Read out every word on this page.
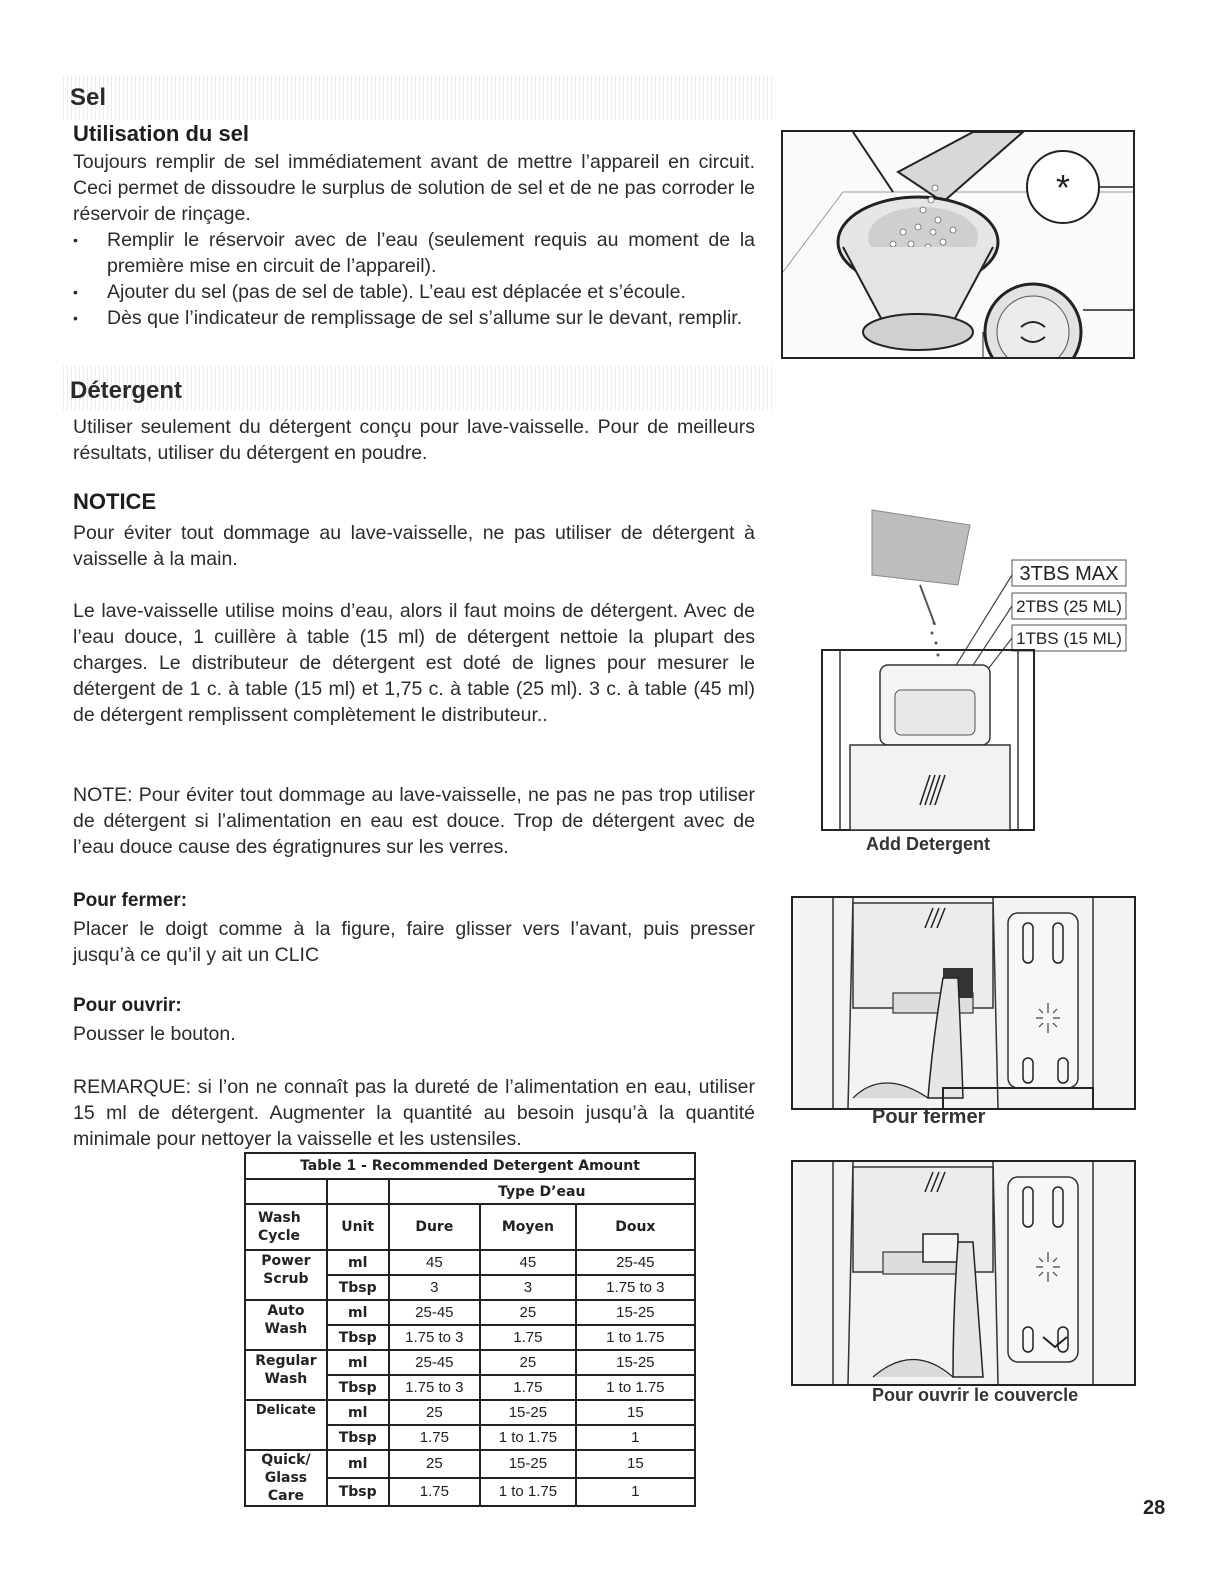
Sel
Utilisation du sel

Toujours remplir de sel immédiatement avant de mettre l’appareil en circuit. Ceci permet de dissoudre le surplus de solution de sel et de ne pas corroder le réservoir de rinçage.

• Remplir le réservoir avec de l’eau (seulement requis au moment de la première mise en circuit de l’appareil).
• Ajouter du sel (pas de sel de table). L’eau est déplacée et s’écoule.
• Dès que l’indicateur de remplissage de sel s’allume sur le devant, remplir.
*
Détergent

Utiliser seulement du détergent conçu pour lave-vaisselle. Pour de meilleurs résultats, utiliser du détergent en poudre.

NOTICE

Pour éviter tout dommage au lave-vaisselle, ne pas utiliser de détergent à vaisselle à la main.

Le lave-vaisselle utilise moins d’eau, alors il faut moins de détergent. Avec de l’eau douce, 1 cuillère à table (15 ml) de détergent nettoie la plupart des charges. Le distributeur de détergent est doté de lignes pour mesurer le détergent de 1 c. à table (15 ml) et 1,75 c. à table (25 ml). 3 c. à table (45 ml) de détergent remplissent complètement le distributeur..

NOTE: Pour éviter tout dommage au lave-vaisselle, ne pas ne pas trop utiliser de détergent si l’alimentation en eau est douce. Trop de détergent avec de l’eau douce cause des égratignures sur les verres.

Pour fermer:

Placer le doigt comme à la figure, faire glisser vers l’avant, puis presser jusqu’à ce qu’il y ait un CLIC

Pour ouvrir:

Pousser le bouton.

REMARQUE: si l’on ne connaît pas la dureté de l’alimentation en eau, utiliser 15 ml de détergent. Augmenter la quantité au besoin jusqu’à la quantité minimale pour nettoyer la vaisselle et les ustensiles.

3TBS MAX
2TBS (25 ML)
1TBS (15 ML)
Add Detergent
Pour fermer
Pour ouvrir le couvercle
Table 1 - Recommended Detergent Amount				
		Type D’eau		
Wash Cycle	Unit	Dure	Moyen	Doux
Power Scrub	ml	45	45	25-45
	Tbsp	3	3	1.75 to 3
Auto Wash	ml	25-45	25	15-25
	Tbsp	1.75 to 3	1.75	1 to 1.75
Regular Wash	ml	25-45	25	15-25
	Tbsp	1.75 to 3	1.75	1 to 1.75
Delicate	ml	25	15-25	15
	Tbsp	1.75	1 to 1.75	1
Quick/ Glass Care	ml	25	15-25	15
	Tbsp	1.75	1 to 1.75	1
28
